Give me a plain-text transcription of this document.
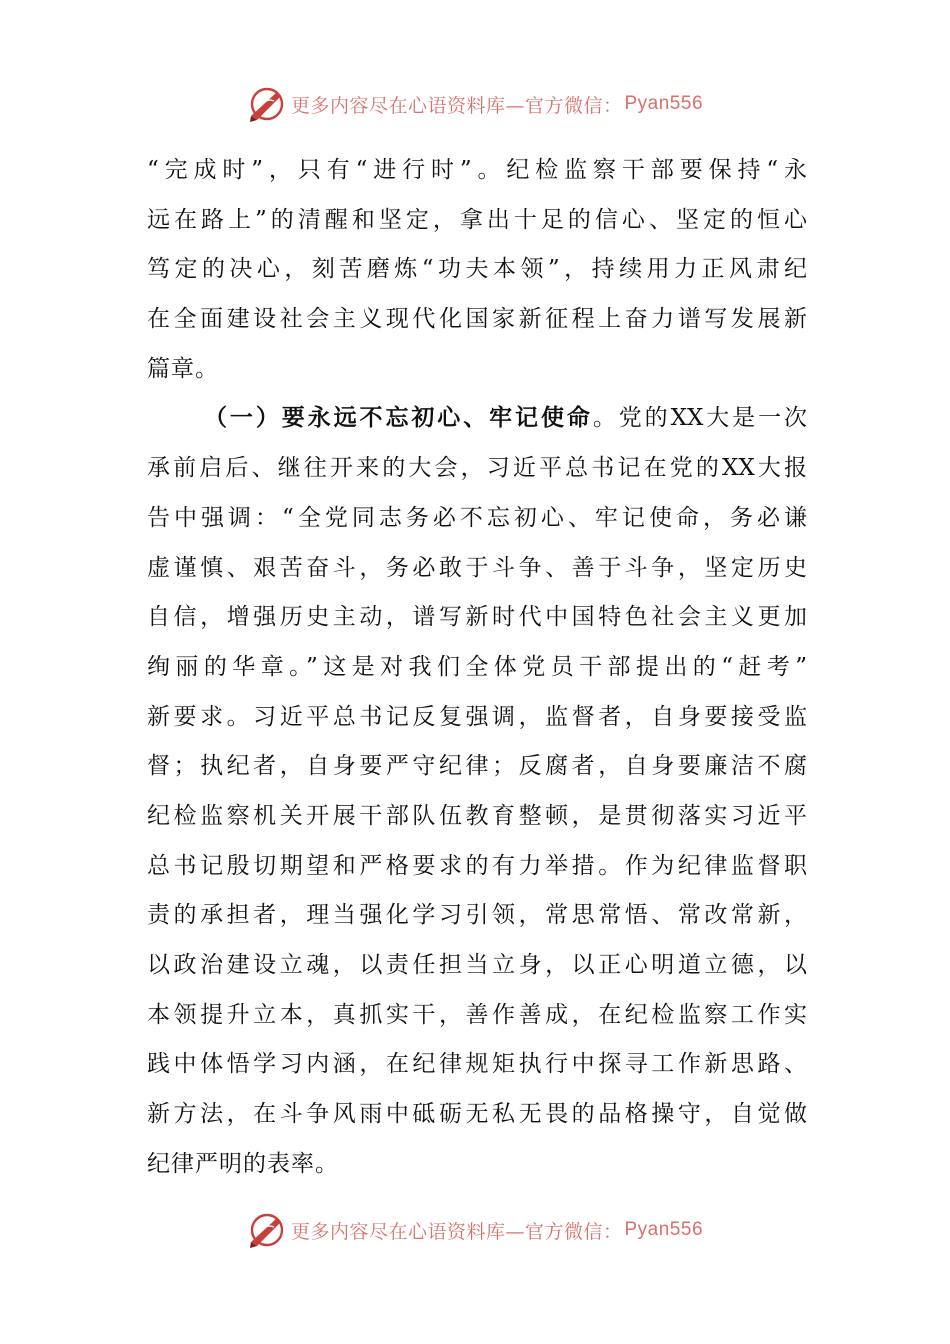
更多内容尽在心语资料库—官方微信： Pyan556
“完成时”，只有“进行时”。纪检监察干部要保持“永
远在路上”的清醒和坚定，拿出十足的信心、坚定的恒心
笃定的决心，刻苦磨炼“功夫本领”，持续用力正风肃纪
在全面建设社会主义现代化国家新征程上奋力谱写发展新
篇章。
（一）要永远不忘初心、牢记使命。党的XX大是一次
承前启后、继往开来的大会，习近平总书记在党的XX大报
告中强调：“全党同志务必不忘初心、牢记使命，务必谦
虚谨慎、艰苦奋斗，务必敢于斗争、善于斗争，坚定历史
自信，增强历史主动，谱写新时代中国特色社会主义更加
绚丽的华章。”这是对我们全体党员干部提出的“赶考”
新要求。习近平总书记反复强调，监督者，自身要接受监
督；执纪者，自身要严守纪律；反腐者，自身要廉洁不腐
纪检监察机关开展干部队伍教育整顿，是贯彻落实习近平
总书记殷切期望和严格要求的有力举措。作为纪律监督职
责的承担者，理当强化学习引领，常思常悟、常改常新，
以政治建设立魂，以责任担当立身，以正心明道立德，以
本领提升立本，真抓实干，善作善成，在纪检监察工作实
践中体悟学习内涵，在纪律规矩执行中探寻工作新思路、
新方法，在斗争风雨中砥砺无私无畏的品格操守，自觉做
纪律严明的表率。
更多内容尽在心语资料库—官方微信： Pyan556
